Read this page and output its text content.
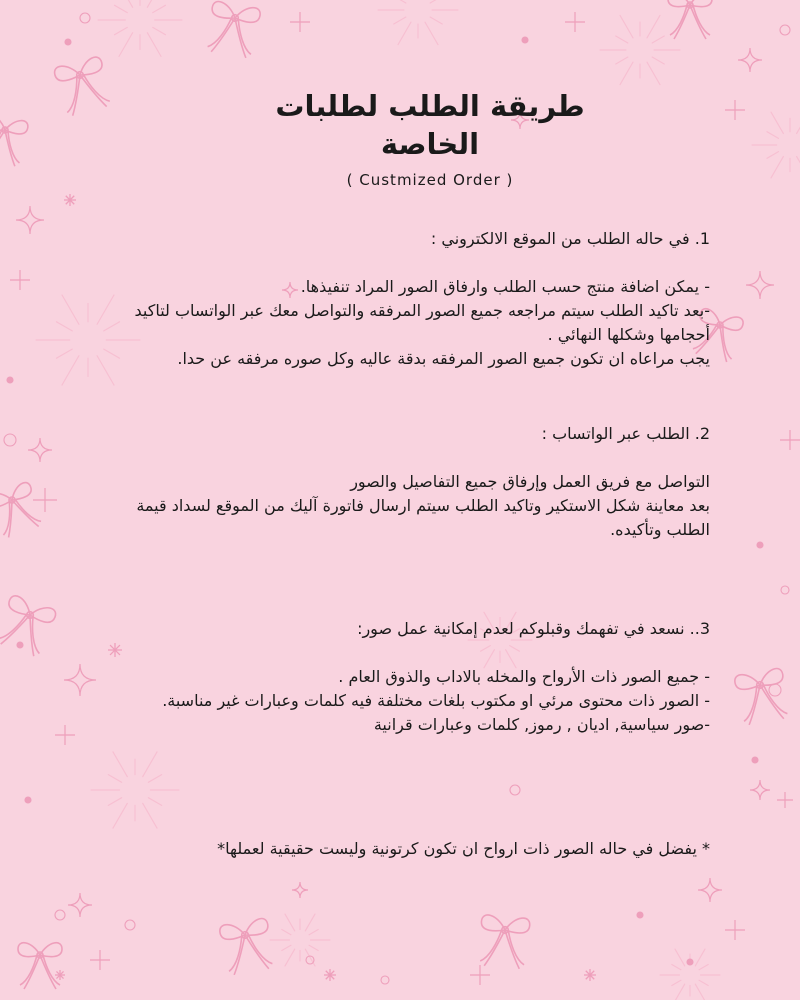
طريقة الطلب لطلبات
الخاصة
( Custmized Order )

1. في حاله الطلب من الموقع الالكتروني :

- يمكن اضافة منتج حسب الطلب وارفاق الصور المراد تنفيذها.

-بعد تاكيد الطلب سيتم مراجعه جميع الصور المرفقه والتواصل معك عبر الواتساب لتاكيد أحجامها وشكلها النهائي .

يجب مراعاه ان تكون جميع الصور المرفقه بدقة عاليه وكل صوره مرفقه عن حدا.

2. الطلب عبر الواتساب :

التواصل مع فريق العمل وإرفاق جميع التفاصيل والصور

بعد معاينة شكل الاستكير وتاكيد الطلب سيتم ارسال فاتورة آليك من الموقع لسداد قيمة الطلب وتأكيده.

3.. نسعد في تفهمك وقبلوكم لعدم إمكانية عمل صور:

- جميع الصور ذات الأرواح والمخله بالاداب والذوق العام .

- الصور ذات محتوى مرئي او مكتوب بلغات مختلفة فيه كلمات وعبارات غير مناسبة.

-صور سياسية, اديان , رموز, كلمات وعبارات قرانية

* يفضل في حاله الصور ذات ارواح ان تكون كرتونية وليست حقيقية لعملها*
